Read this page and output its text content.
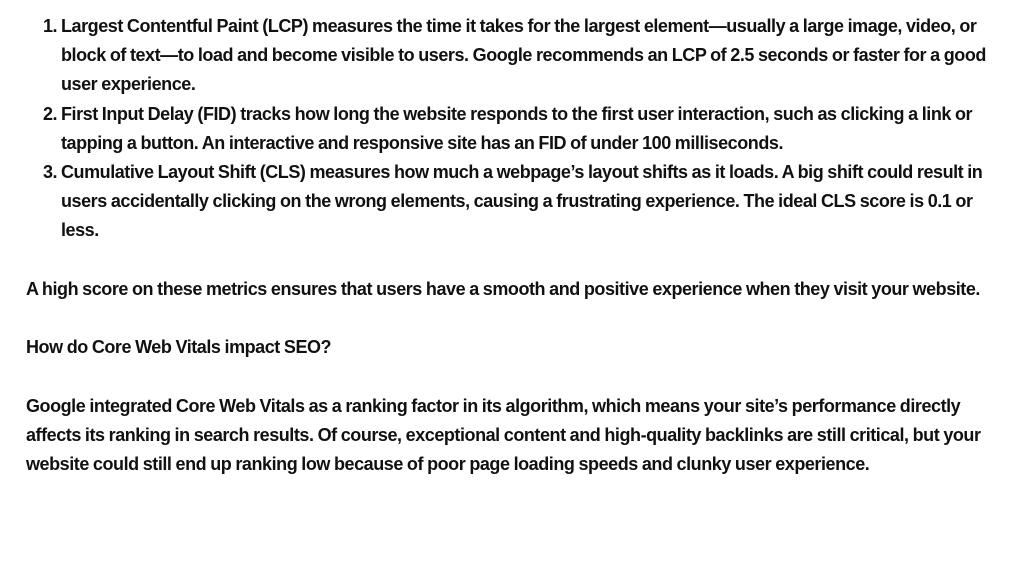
1. Largest Contentful Paint (LCP) measures the time it takes for the largest element—usually a large image, video, or block of text—to load and become visible to users. Google recommends an LCP of 2.5 seconds or faster for a good user experience.
2. First Input Delay (FID) tracks how long the website responds to the first user interaction, such as clicking a link or tapping a button. An interactive and responsive site has an FID of under 100 milliseconds.
3. Cumulative Layout Shift (CLS) measures how much a webpage’s layout shifts as it loads. A big shift could result in users accidentally clicking on the wrong elements, causing a frustrating experience. The ideal CLS score is 0.1 or less.

A high score on these metrics ensures that users have a smooth and positive experience when they visit your website.

How do Core Web Vitals impact SEO?

Google integrated Core Web Vitals as a ranking factor in its algorithm, which means your site’s performance directly affects its ranking in search results. Of course, exceptional content and high-quality backlinks are still critical, but your website could still end up ranking low because of poor page loading speeds and clunky user experience.
